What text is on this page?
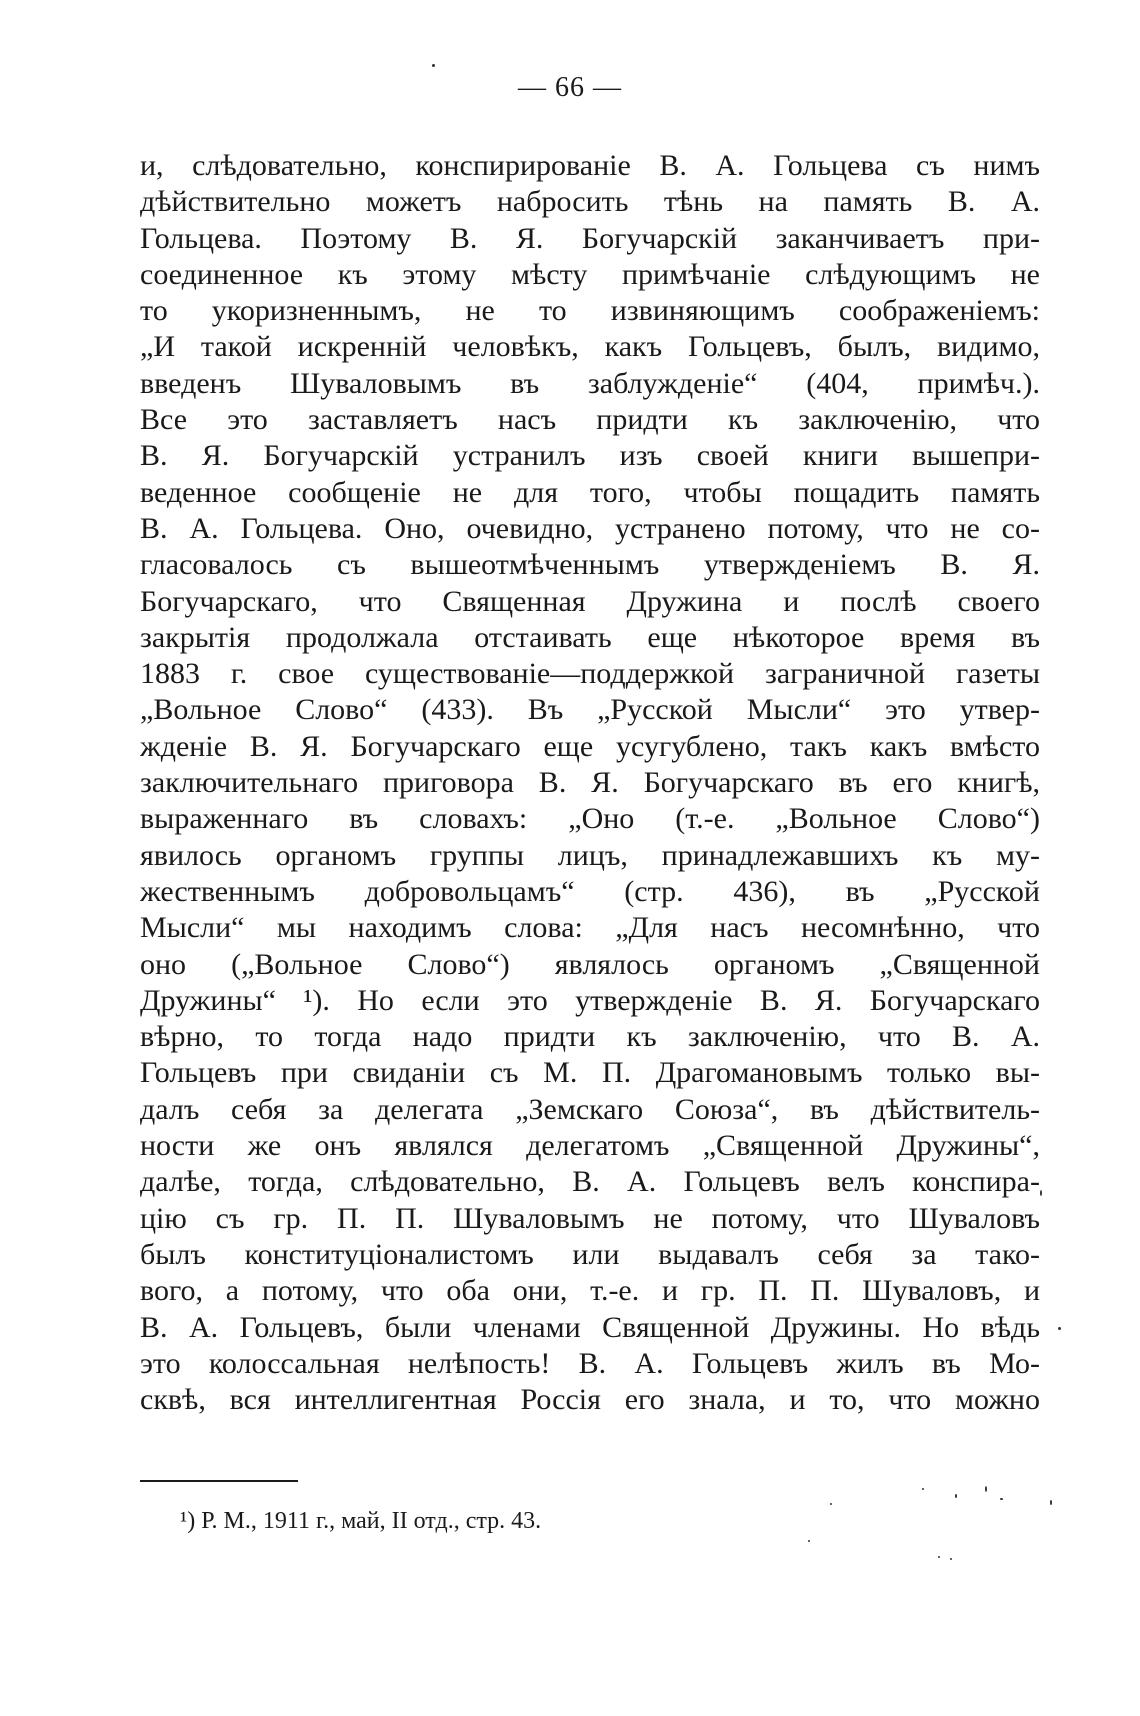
— 66 —
и, слѣдовательно, конспирированіе В. А. Гольцева съ нимъ
дѣйствительно можетъ набросить тѣнь на память В. А.
Гольцева. Поэтому В. Я. Богучарскій заканчиваетъ при-
соединенное къ этому мѣсту примѣчаніе слѣдующимъ не
то укоризненнымъ, не то извиняющимъ соображеніемъ:
„И такой искренній человѣкъ, какъ Гольцевъ, былъ, видимо,
введенъ Шуваловымъ въ заблужденіе“ (404, примѣч.).
Все это заставляетъ насъ придти къ заключенію, что
В. Я. Богучарскій устранилъ изъ своей книги вышепри-
веденное сообщеніе не для того, чтобы пощадить память
В. А. Гольцева. Оно, очевидно, устранено потому, что не со-
гласовалось съ вышеотмѣченнымъ утвержденіемъ В. Я.
Богучарскаго, что Священная Дружина и послѣ своего
закрытія продолжала отстаивать еще нѣкоторое время въ
1883 г. свое существованіе—поддержкой заграничной газеты
„Вольное Слово“ (433). Въ „Русской Мысли“ это утвер-
жденіе В. Я. Богучарскаго еще усугублено, такъ какъ вмѣсто
заключительнаго приговора В. Я. Богучарскаго въ его книгѣ,
выраженнаго въ словахъ: „Оно (т.-е. „Вольное Слово“)
явилось органомъ группы лицъ, принадлежавшихъ къ му-
жественнымъ добровольцамъ“ (стр. 436), въ „Русской
Мысли“ мы находимъ слова: „Для насъ несомнѣнно, что
оно („Вольное Слово“) являлось органомъ „Священной
Дружины“ ¹). Но если это утвержденіе В. Я. Богучарскаго
вѣрно, то тогда надо придти къ заключенію, что В. А.
Гольцевъ при свиданіи съ М. П. Драгомановымъ только вы-
далъ себя за делегата „Земскаго Союза“, въ дѣйствитель-
ности же онъ являлся делегатомъ „Священной Дружины“,
далѣе, тогда, слѣдовательно, В. А. Гольцевъ велъ конспира-
цію съ гр. П. П. Шуваловымъ не потому, что Шуваловъ
былъ конституціоналистомъ или выдавалъ себя за тако-
вого, а потому, что оба они, т.-е. и гр. П. П. Шуваловъ, и
В. А. Гольцевъ, были членами Священной Дружины. Но вѣдь
это колоссальная нелѣпость! В. А. Гольцевъ жилъ въ Мо-
сквѣ, вся интеллигентная Россія его знала, и то, что можно
¹) Р. М., 1911 г., май, II отд., стр. 43.
